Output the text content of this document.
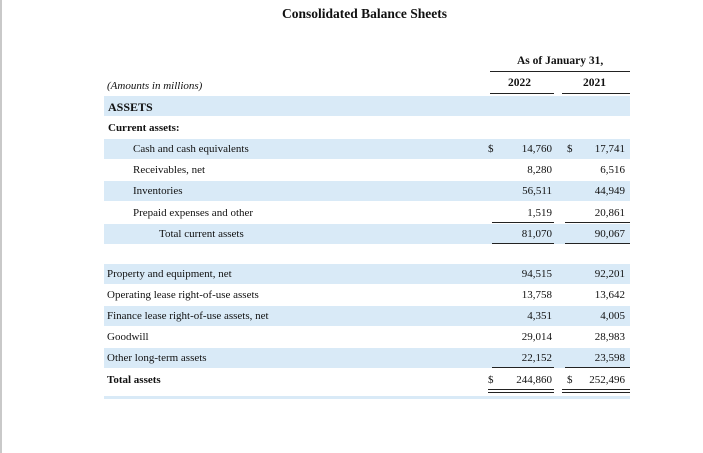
Consolidated Balance Sheets
As of January 31,
2022	2021
(Amounts in millions)
ASSETS
Current assets:
Cash and cash equivalents	$	14,760 $	17,741
Receivables, net	8,280	6,516
Inventories	56,511	44,949
Prepaid expenses and other	1,519	20,861
Total current assets	81,070	90,067
Property and equipment, net	94,515	92,201
Operating lease right-of-use assets	13,758	13,642
Finance lease right-of-use assets, net	4,351	4,005
Goodwill	29,014	28,983
Other long-term assets	22,152	23,598
Total assets	$	244,860 $	252,496
